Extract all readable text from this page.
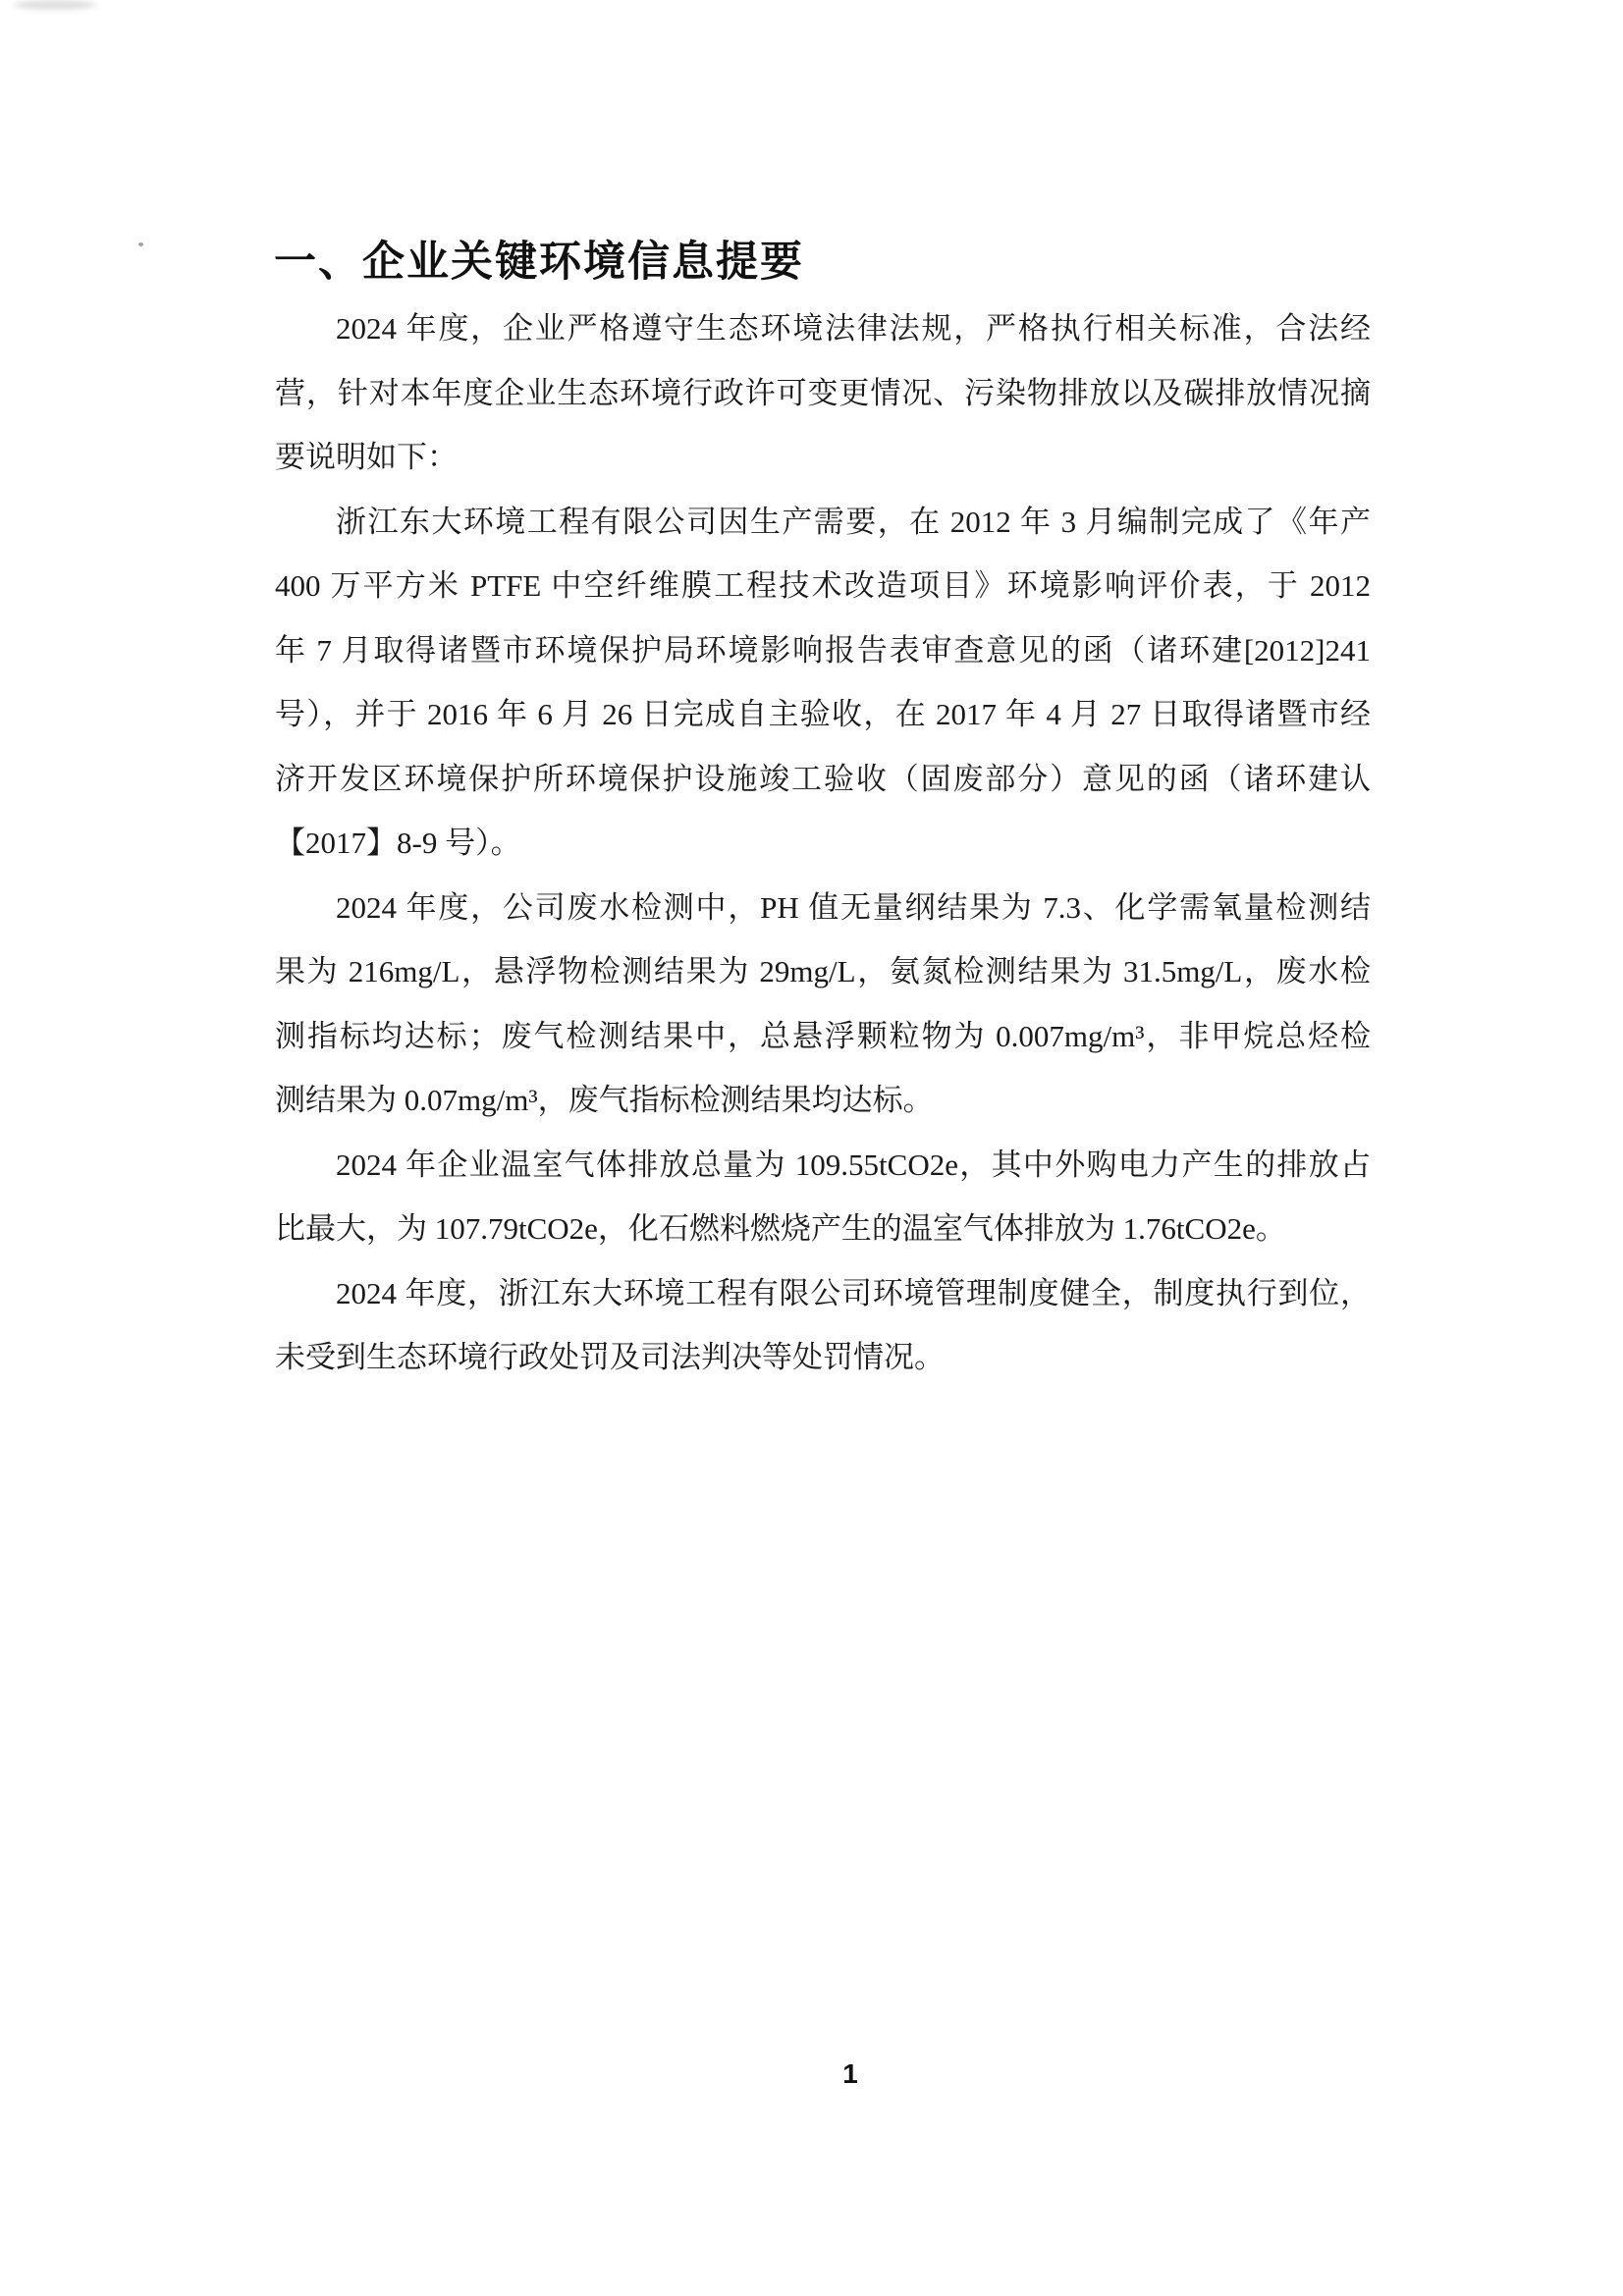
一、企业关键环境信息提要
2024 年度，企业严格遵守生态环境法律法规，严格执行相关标准，合法经
营，针对本年度企业生态环境行政许可变更情况、污染物排放以及碳排放情况摘
要说明如下：
浙江东大环境工程有限公司因生产需要，在 2012 年 3 月编制完成了《年产
400 万平方米 PTFE 中空纤维膜工程技术改造项目》环境影响评价表，于 2012
年 7 月取得诸暨市环境保护局环境影响报告表审查意见的函（诸环建[2012]241
号），并于 2016 年 6 月 26 日完成自主验收，在 2017 年 4 月 27 日取得诸暨市经
济开发区环境保护所环境保护设施竣工验收（固废部分）意见的函（诸环建认
【2017】8-9 号）。
2024 年度，公司废水检测中，PH 值无量纲结果为 7.3、化学需氧量检测结
果为 216mg/L，悬浮物检测结果为 29mg/L，氨氮检测结果为 31.5mg/L，废水检
测指标均达标；废气检测结果中，总悬浮颗粒物为 0.007mg/m³，非甲烷总烃检
测结果为 0.07mg/m³，废气指标检测结果均达标。
2024 年企业温室气体排放总量为 109.55tCO2e，其中外购电力产生的排放占
比最大，为 107.79tCO2e，化石燃料燃烧产生的温室气体排放为 1.76tCO2e。
2024 年度，浙江东大环境工程有限公司环境管理制度健全，制度执行到位，
未受到生态环境行政处罚及司法判决等处罚情况。
1
